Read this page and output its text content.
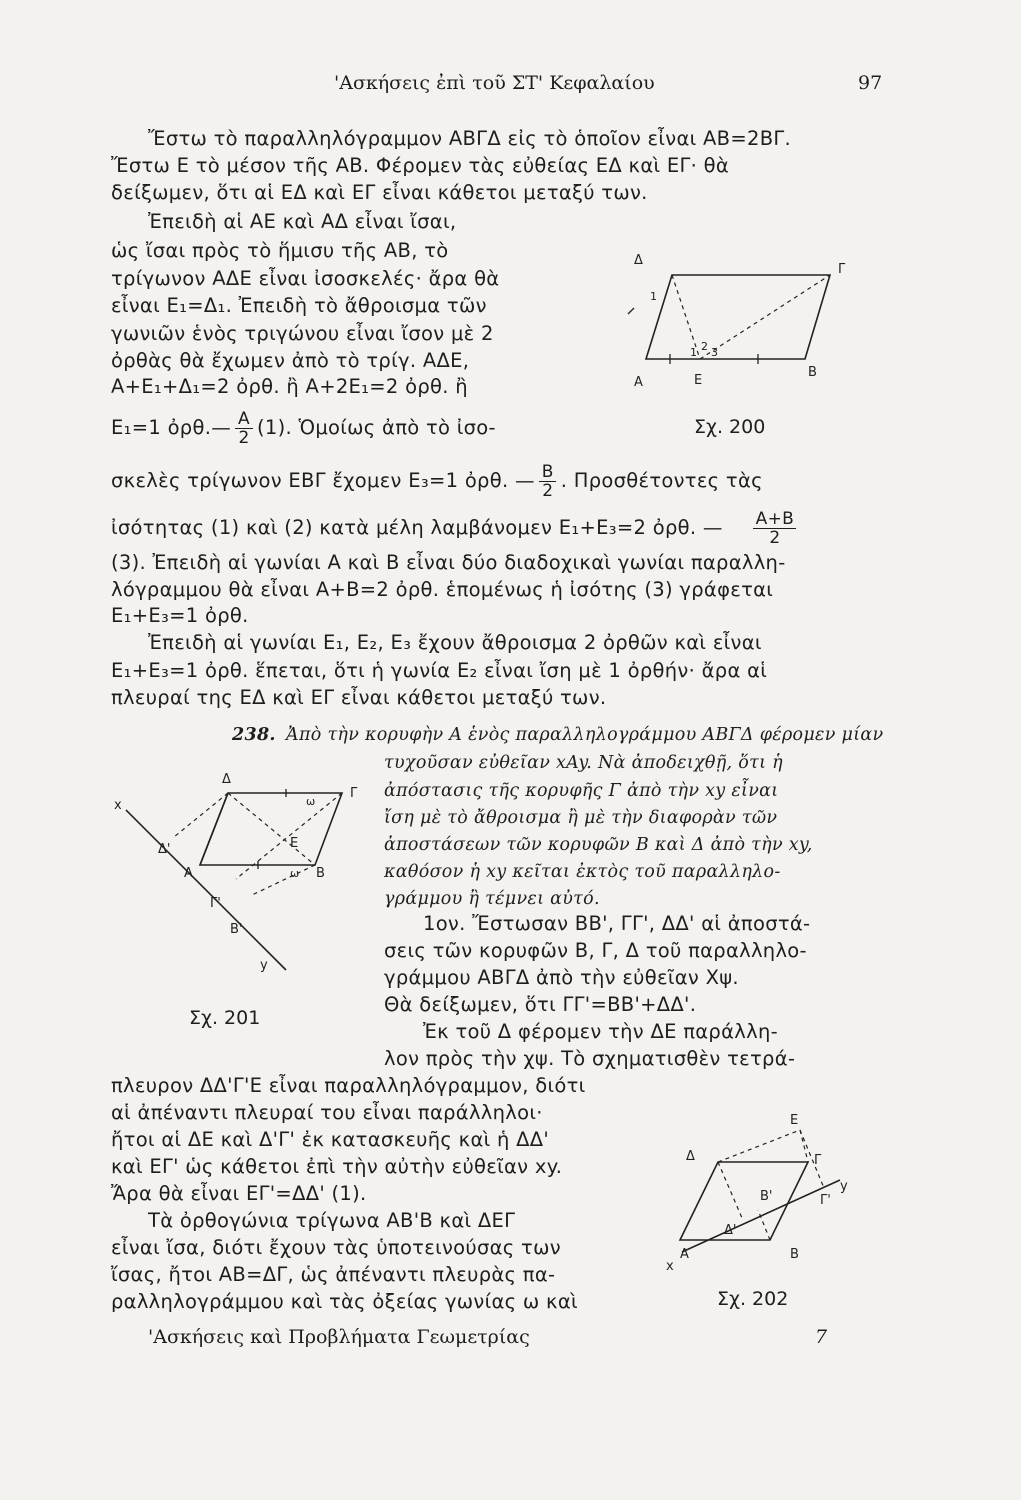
'Ασκήσεις ἐπὶ τοῦ ΣΤ' Κεφαλαίου	97
Ἔστω τὸ παραλληλόγραμμον ΑΒΓΔ εἰς τὸ ὁποῖον εἶναι ΑΒ=2ΒΓ.
Ἔστω Ε τὸ μέσον τῆς ΑΒ. Φέρομεν τὰς εὐθείας ΕΔ καὶ ΕΓ· θὰ
δείξωμεν, ὅτι αἱ ΕΔ καὶ ΕΓ εἶναι κάθετοι μεταξύ των.
Ἐπειδὴ αἱ ΑΕ καὶ ΑΔ εἶναι ἴσαι,
ὡς ἴσαι πρὸς τὸ ἥμισυ τῆς ΑΒ, τὸ
τρίγωνον ΑΔΕ εἶναι ἰσοσκελές· ἄρα θὰ
εἶναι Ε₁=Δ₁. Ἐπειδὴ τὸ ἄθροισμα τῶν
γωνιῶν ἑνὸς τριγώνου εἶναι ἴσον μὲ 2
ὀρθὰς θὰ ἔχωμεν ἀπὸ τὸ τρίγ. ΑΔΕ,
Α+Ε₁+Δ₁=2 ὀρθ. ἢ Α+2Ε₁=2 ὀρθ. ἢ
Ε₁=1 ὀρθ.— $\frac{A}{2} (1)$. Ὁμοίως ἀπὸ τὸ ἰσο-
σκελὲς τρίγωνον ΕΒΓ ἔχομεν Ε₃=1 ὀρθ. — $\frac{B}{2}$ . Προσθέτοντες τὰς
ἰσότητας (1) καὶ (2) κατὰ μέλη λαμβάνομεν Ε₁+Ε₃=2 ὀρθ. — $\frac{A+B}{2}$
(3). Ἐπειδὴ αἱ γωνίαι Α καὶ Β εἶναι δύο διαδοχικαὶ γωνίαι παραλλη-
λόγραμμου θὰ εἶναι Α+Β=2 ὀρθ. ἑπομένως ἡ ἰσότης (3) γράφεται
Ε₁+Ε₃=1 ὀρθ.
Ἐπειδὴ αἱ γωνίαι Ε₁, Ε₂, Ε₃ ἔχουν ἄθροισμα 2 ὀρθῶν καὶ εἶναι
Ε₁+Ε₃=1 ὀρθ. ἕπεται, ὅτι ἡ γωνία Ε₂ εἶναι ἴση μὲ 1 ὀρθήν· ἄρα αἱ
πλευραί της ΕΔ καὶ ΕΓ εἶναι κάθετοι μεταξύ των.
238. Ἀπὸ τὴν κορυφὴν Α ἑνὸς παραλληλογράμμου ΑΒΓΔ φέρομεν μίαν
τυχοῦσαν εὐθεῖαν xAy. Νὰ ἀποδειχθῇ, ὅτι ἡ
ἀπόστασις τῆς κορυφῆς Γ ἀπὸ τὴν xy εἶναι
ἴση μὲ τὸ ἄθροισμα ἢ μὲ τὴν διαφορὰν τῶν
ἀποστάσεων τῶν κορυφῶν Β καὶ Δ ἀπὸ τὴν xy,
καθόσον ἡ xy κεῖται ἐκτὸς τοῦ παραλληλο-
γράμμου ἢ τέμνει αὐτό.
1ον. Ἔστωσαν ΒΒ', ΓΓ', ΔΔ' αἱ ἀποστά-
σεις τῶν κορυφῶν Β, Γ, Δ τοῦ παραλληλο-
γράμμου ΑΒΓΔ ἀπὸ τὴν εὐθεῖαν Xψ.
Θὰ δείξωμεν, ὅτι ΓΓ'=ΒΒ'+ΔΔ'.
Ἐκ τοῦ Δ φέρομεν τὴν ΔΕ παράλλη-
λον πρὸς τὴν χψ. Τὸ σχηματισθὲν τετρά-
πλευρον ΔΔ'Γ'Ε εἶναι παραλληλόγραμμον, διότι
αἱ ἀπέναντι πλευραί του εἶναι παράλληλοι·
ἤτοι αἱ ΔΕ καὶ Δ'Γ' ἐκ κατασκευῆς καὶ ἡ ΔΔ'
καὶ ΕΓ' ὡς κάθετοι ἐπὶ τὴν αὐτὴν εὐθεῖαν xy.
Ἄρα θὰ εἶναι ΕΓ'=ΔΔ' (1).
Τὰ ὀρθογώνια τρίγωνα ΑΒ'Β καὶ ΔΕΓ
εἶναι ἴσα, διότι ἔχουν τὰς ὑποτεινούσας των
ἴσας, ἤτοι ΑΒ=ΔΓ, ὡς ἀπέναντι πλευρὰς πα-
ραλληλογράμμου καὶ τὰς ὀξείας γωνίας ω καὶ
'Ασκήσεις καὶ Προβλήματα Γεωμετρίας	7
Δ
Γ
A	E
B
1
1 2 3
Σχ. 200
x
Δ
Γ
ω
E
Δ'
A	ω B
Γ'
B'
y
Σχ. 201
Δ
E
Γ
B'	Γ'
y
Δ'
x
A	B
Σχ. 202
